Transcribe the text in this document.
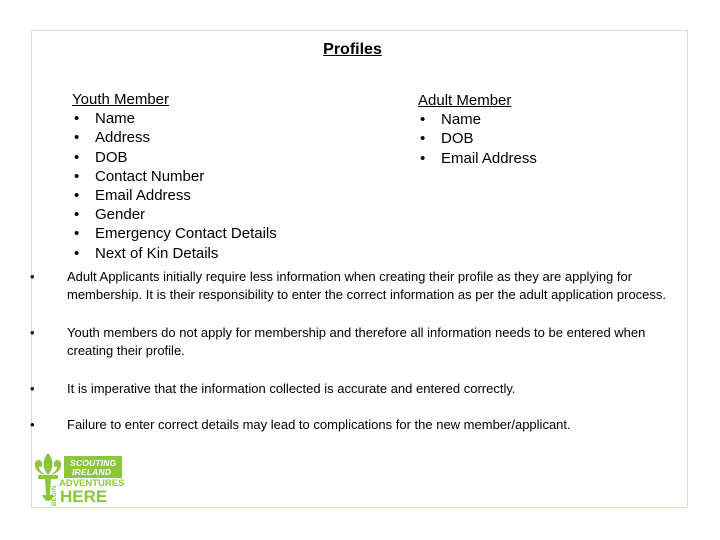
Profiles
Youth Member
• Name
• Address
• DOB
• Contact Number
• Email Address
• Gender
• Emergency Contact Details
• Next of Kin Details
Adult Member
• Name
• DOB
• Email Address
• Adult Applicants initially require less information when creating their profile as they are applying for membership. It is their responsibility to enter the correct information as per the adult application process.
• Youth members do not apply for membership and therefore all information needs to be entered when creating their profile.
• It is imperative that the information collected is accurate and entered correctly.
• Failure to enter correct details may lead to complications for the new member/applicant.
SCOUTING
IRELAND
ADVENTURES
BEGIN HERE
